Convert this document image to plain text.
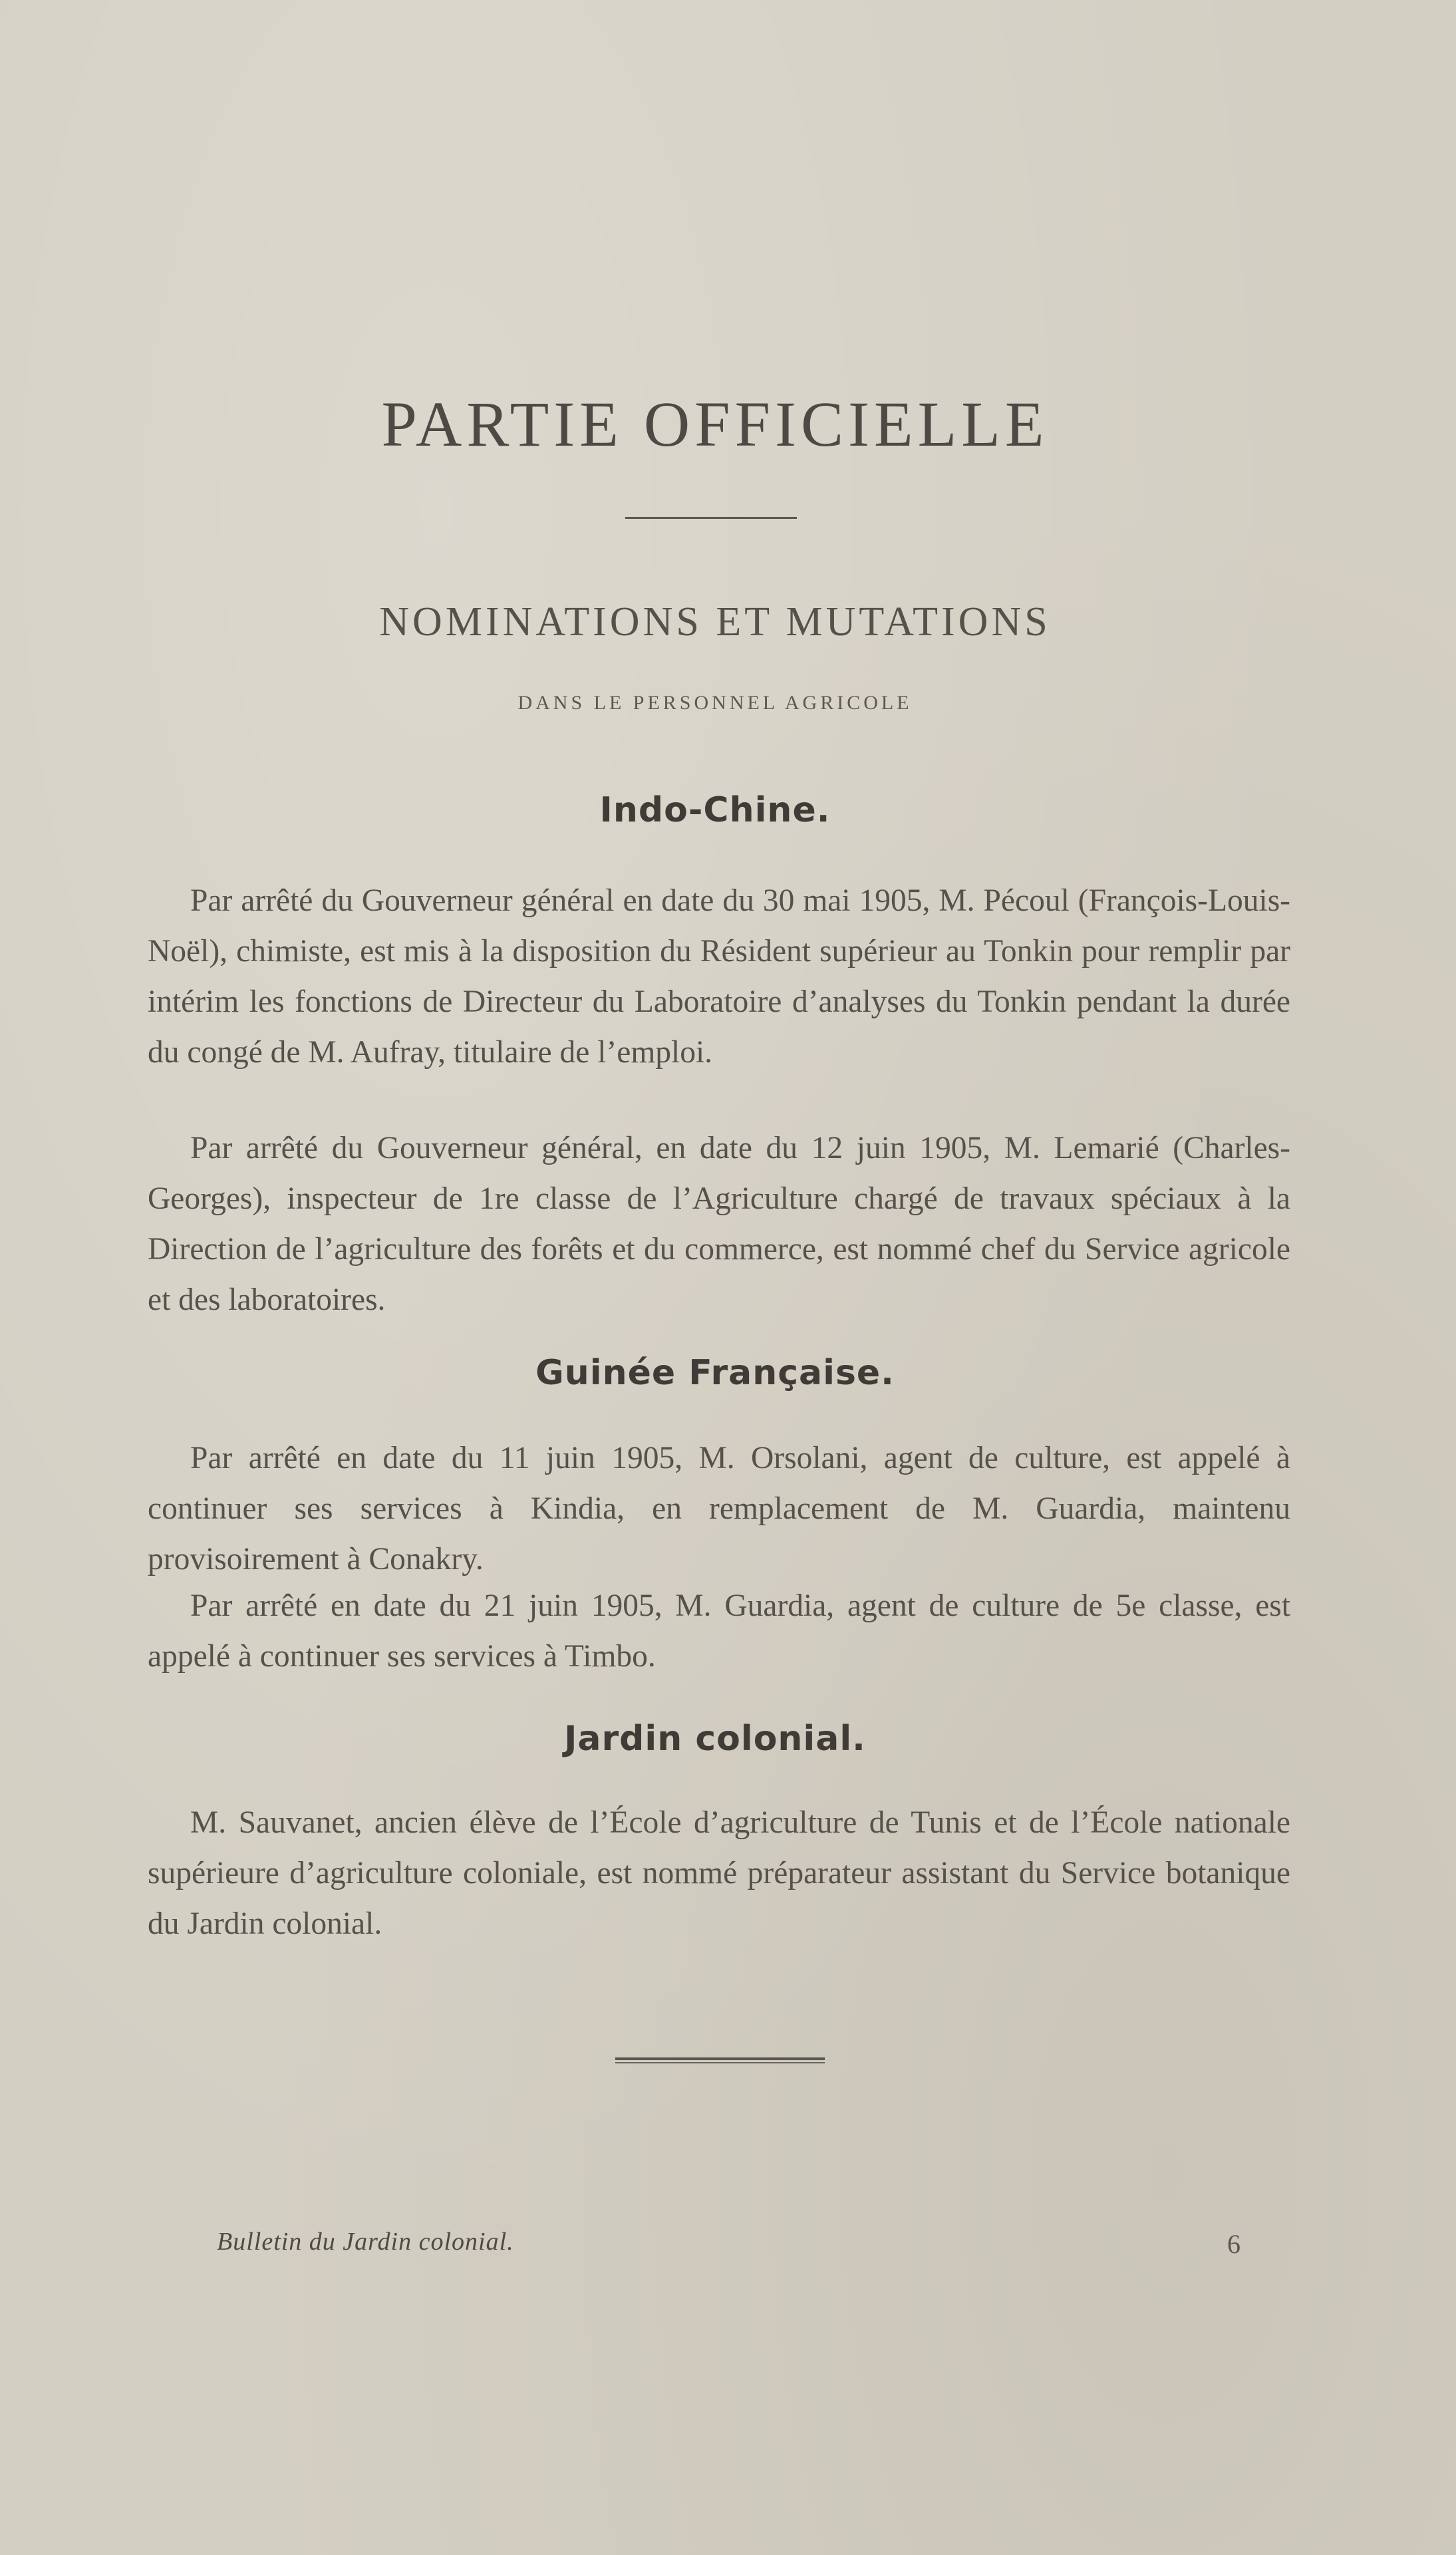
PARTIE OFFICIELLE
NOMINATIONS ET MUTATIONS
DANS LE PERSONNEL AGRICOLE
Indo-Chine.
Par arrêté du Gouverneur général en date du 30 mai 1905, M. Pécoul (François-Louis-Noël), chimiste, est mis à la disposition du Résident supérieur au Tonkin pour remplir par intérim les fonctions de Directeur du Laboratoire d’analyses du Tonkin pendant la durée du congé de M. Aufray, titulaire de l’emploi.
Par arrêté du Gouverneur général, en date du 12 juin 1905, M. Lemarié (Charles-Georges), inspecteur de 1re classe de l’Agriculture chargé de travaux spéciaux à la Direction de l’agriculture des forêts et du commerce, est nommé chef du Service agricole et des laboratoires.
Guinée Française.
Par arrêté en date du 11 juin 1905, M. Orsolani, agent de culture, est appelé à continuer ses services à Kindia, en remplacement de M. Guardia, maintenu provisoirement à Conakry.
Par arrêté en date du 21 juin 1905, M. Guardia, agent de culture de 5e classe, est appelé à continuer ses services à Timbo.
Jardin colonial.
M. Sauvanet, ancien élève de l’École d’agriculture de Tunis et de l’École nationale supérieure d’agriculture coloniale, est nommé préparateur assistant du Service botanique du Jardin colonial.
Bulletin du Jardin colonial.	6
